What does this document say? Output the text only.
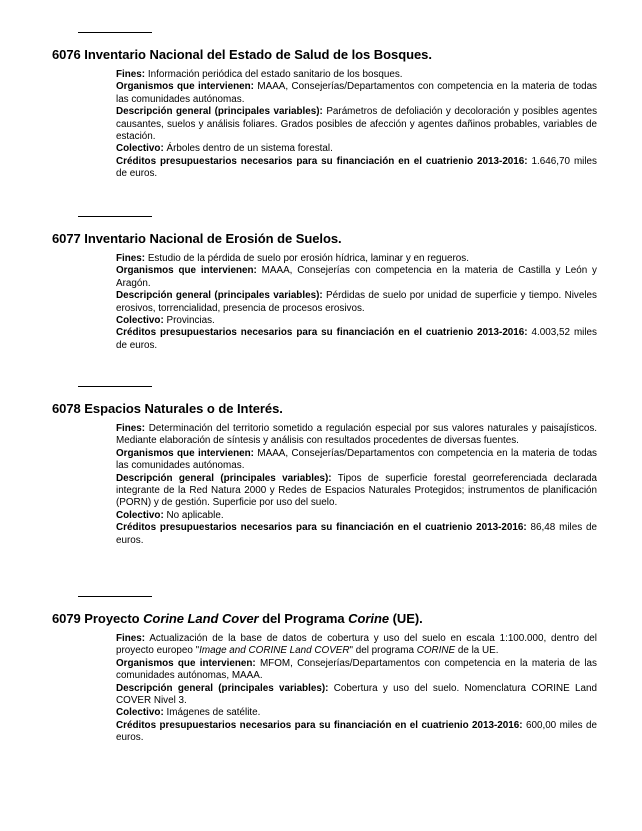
6076 Inventario Nacional del Estado de Salud de los Bosques.

Fines: Información periódica del estado sanitario de los bosques.

Organismos que intervienen: MAAA, Consejerías/Departamentos con competencia en la materia de todas las comunidades autónomas.

Descripción general (principales variables): Parámetros de defoliación y decoloración y posibles agentes causantes, suelos y análisis foliares. Grados posibles de afección y agentes dañinos probables, variables de estación.

Colectivo: Árboles dentro de un sistema forestal.

Créditos presupuestarios necesarios para su financiación en el cuatrienio 2013-2016: 1.646,70 miles de euros.

6077 Inventario Nacional de Erosión de Suelos.

Fines: Estudio de la pérdida de suelo por erosión hídrica, laminar y en regueros.

Organismos que intervienen: MAAA, Consejerías con competencia en la materia de Castilla y León y Aragón.

Descripción general (principales variables): Pérdidas de suelo por unidad de superficie y tiempo. Niveles erosivos, torrencialidad, presencia de procesos erosivos.

Colectivo: Provincias.

Créditos presupuestarios necesarios para su financiación en el cuatrienio 2013-2016: 4.003,52 miles de euros.

6078 Espacios Naturales o de Interés.

Fines: Determinación del territorio sometido a regulación especial por sus valores naturales y paisajísticos. Mediante elaboración de síntesis y análisis con resultados procedentes de diversas fuentes.

Organismos que intervienen: MAAA, Consejerías/Departamentos con competencia en la materia de todas las comunidades autónomas.

Descripción general (principales variables): Tipos de superficie forestal georreferenciada declarada integrante de la Red Natura 2000 y Redes de Espacios Naturales Protegidos; instrumentos de planificación (PORN) y de gestión. Superficie por uso del suelo.

Colectivo: No aplicable.

Créditos presupuestarios necesarios para su financiación en el cuatrienio 2013-2016: 86,48 miles de euros.

6079 Proyecto Corine Land Cover del Programa Corine (UE).

Fines: Actualización de la base de datos de cobertura y uso del suelo en escala 1:100.000, dentro del proyecto europeo "Image and CORINE Land COVER" del programa CORINE de la UE.

Organismos que intervienen: MFOM, Consejerías/Departamentos con competencia en la materia de las comunidades autónomas, MAAA.

Descripción general (principales variables): Cobertura y uso del suelo. Nomenclatura CORINE Land COVER Nivel 3.

Colectivo: Imágenes de satélite.

Créditos presupuestarios necesarios para su financiación en el cuatrienio 2013-2016: 600,00 miles de euros.
